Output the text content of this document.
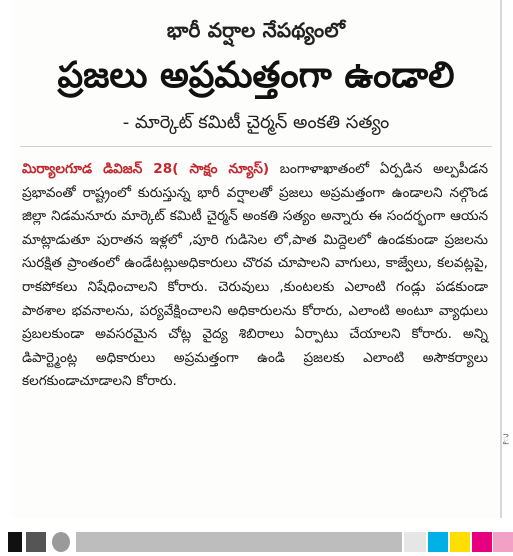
భారీ వర్షాల నేపథ్యంలో

ప్రజలు అప్రమత్తంగా ఉండాలి

- మార్కెట్ కమిటీ చైర్మన్ అంకతి సత్యం

మిర్యాలగూడ డివిజన్ 28( సాక్షం న్యూస్) బంగాళాఖాతంలో ఏర్పడిన అల్పపీడన ప్రభావంతో రాష్ట్రంలో కురుస్తున్న భారీ వర్షాలతో ప్రజలు అప్రమత్తంగా ఉండాలని నల్గొండ జిల్లా నిడమనూరు మార్కెట్ కమిటీ చైర్మన్ అంకతి సత్యం అన్నారు ఈ సందర్భంగా ఆయన మాట్లాడుతూ పురాతన ఇళ్లలో ,పూరి గుడిసెల లో,పాత మిద్దెలలో ఉండకుండా ప్రజలను సురక్షిత ప్రాంతంలో ఉండేటట్లుఅధికారులు చొరవ చూపాలని వాగులు, కాజ్వేలు, కలవట్లపై, రాకపోకలు నిషేధించాలని కోరారు. చెరువులు ,కుంటలకు ఎలాంటి గండ్లు పడకుండా పాఠశాల భవనాలను, పర్యవేక్షించాలని అధికారులను కోరారు, ఎలాంటి అంటూ వ్యాధులు ప్రబలకుండా అవసరమైన చోట్ల వైద్య శిబిరాలు ఏర్పాటు చేయాలని కోరారు. అన్ని డిపార్ట్మెంట్ల అధికారులు అప్రమత్తంగా ఉండి ప్రజలకు ఎలాంటి అసౌకర్యాలు కలగకుండాచూడాలని కోరారు.

ై
